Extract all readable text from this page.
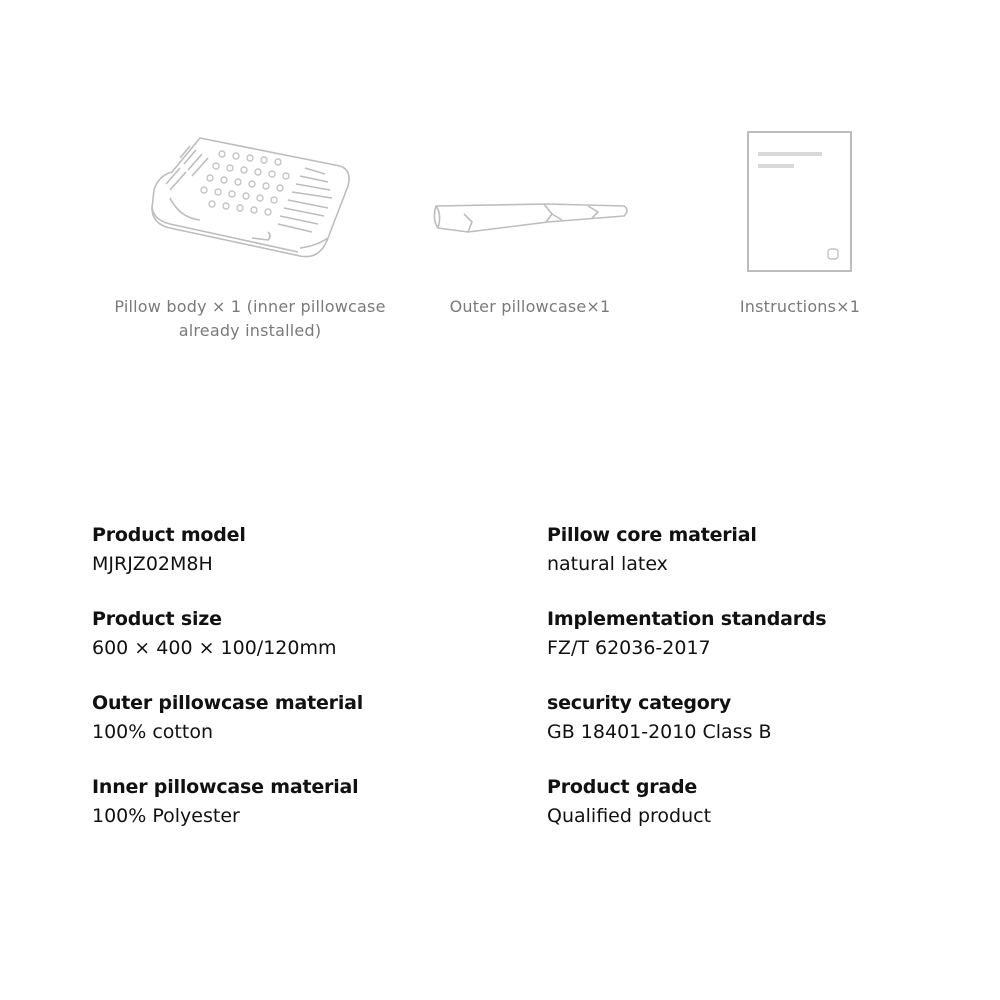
Pillow body × 1 (inner pillowcase already installed)
Outer pillowcase×1	Instructions×1
Product model
MJRJZ02M8H
Pillow core material
natural latex
Product size
600 × 400 × 100/120mm
Implementation standards
FZ/T 62036-2017
Outer pillowcase material
100% cotton
security category
GB 18401-2010 Class B
Inner pillowcase material
100% Polyester
Product grade
Qualified product
